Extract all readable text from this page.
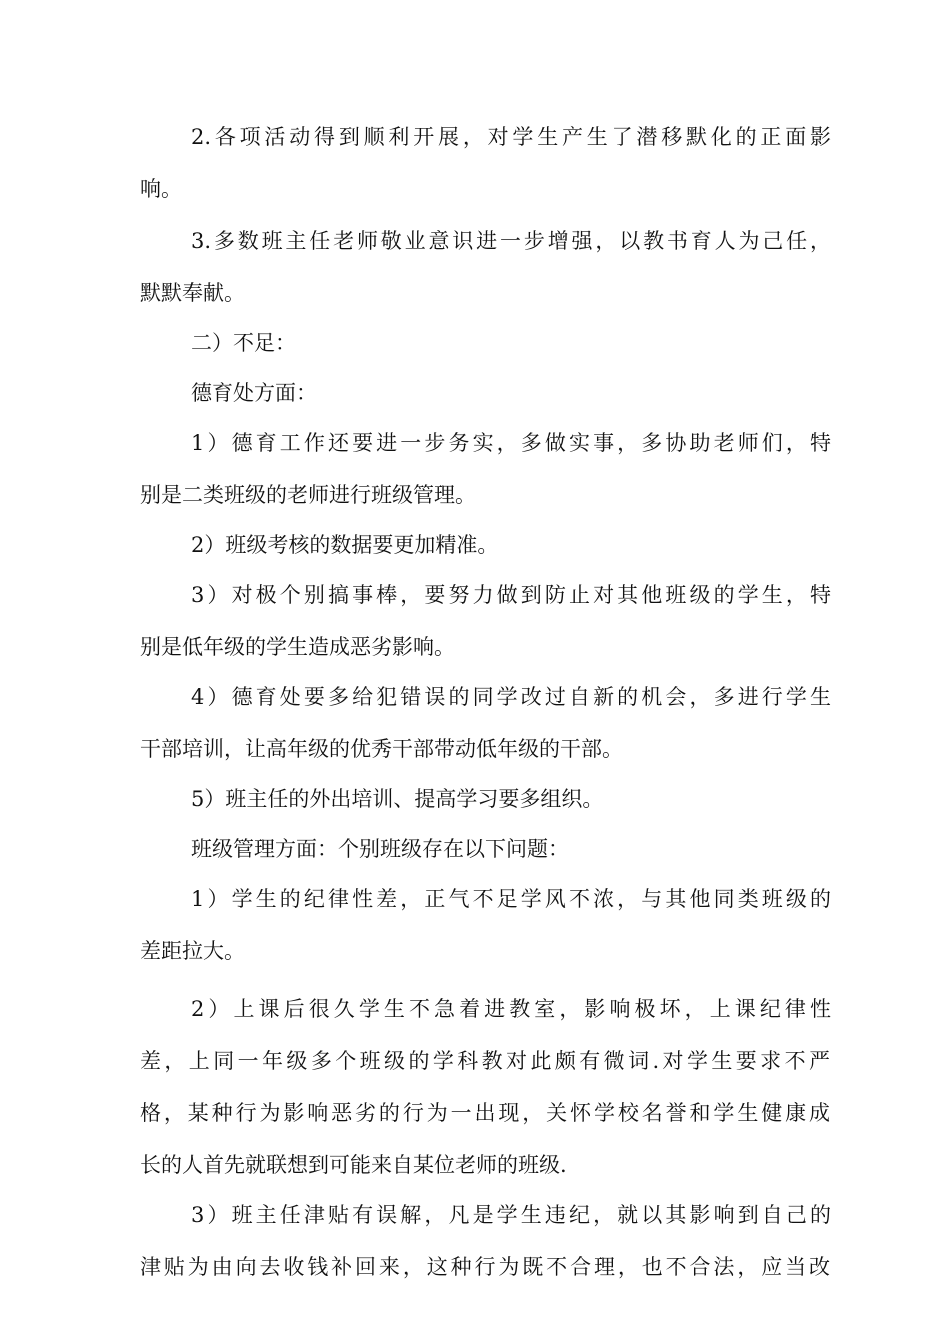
2.各项活动得到顺利开展，对学生产生了潜移默化的正面影
响。
3.多数班主任老师敬业意识进一步增强，以教书育人为己任，
默默奉献。
二）不足：
德育处方面：
1）德育工作还要进一步务实，多做实事，多协助老师们，特
别是二类班级的老师进行班级管理。
2）班级考核的数据要更加精准。
3）对极个别搞事棒，要努力做到防止对其他班级的学生，特
别是低年级的学生造成恶劣影响。
4）德育处要多给犯错误的同学改过自新的机会，多进行学生
干部培训，让高年级的优秀干部带动低年级的干部。
5）班主任的外出培训、提高学习要多组织。
班级管理方面：个别班级存在以下问题：
1）学生的纪律性差，正气不足学风不浓，与其他同类班级的
差距拉大。
2）上课后很久学生不急着进教室，影响极坏，上课纪律性
差，上同一年级多个班级的学科教对此颇有微词.对学生要求不严
格，某种行为影响恶劣的行为一出现，关怀学校名誉和学生健康成
长的人首先就联想到可能来自某位老师的班级.
3）班主任津贴有误解，凡是学生违纪，就以其影响到自己的
津贴为由向去收钱补回来，这种行为既不合理，也不合法，应当改
